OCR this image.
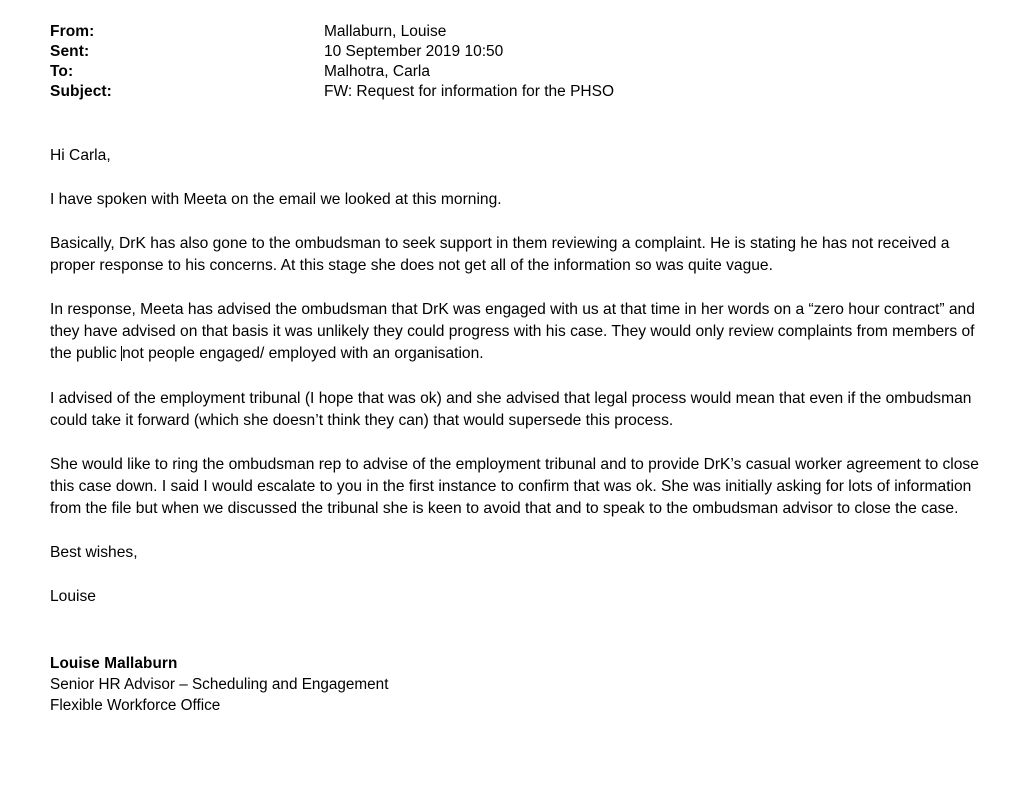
From:	Mallaburn, Louise
Sent:	10 September 2019 10:50
To:	Malhotra, Carla
Subject:	FW: Request for information for the PHSO

Hi Carla,

I have spoken with Meeta on the email we looked at this morning.

Basically, DrK has also gone to the ombudsman to seek support in them reviewing a complaint. He is stating he has not received a proper response to his concerns. At this stage she does not get all of the information so was quite vague.

In response, Meeta has advised the ombudsman that DrK was engaged with us at that time in her words on a “zero hour contract” and they have advised on that basis it was unlikely they could progress with his case. They would only review complaints from members of the public not people engaged/ employed with an organisation.

I advised of the employment tribunal (I hope that was ok) and she advised that legal process would mean that even if the ombudsman could take it forward (which she doesn’t think they can) that would supersede this process.

She would like to ring the ombudsman rep to advise of the employment tribunal and to provide DrK’s casual worker agreement to close this case down. I said I would escalate to you in the first instance to confirm that was ok. She was initially asking for lots of information from the file but when we discussed the tribunal she is keen to avoid that and to speak to the ombudsman advisor to close the case.

Best wishes,

Louise

Louise Mallaburn
Senior HR Advisor – Scheduling and Engagement
Flexible Workforce Office
